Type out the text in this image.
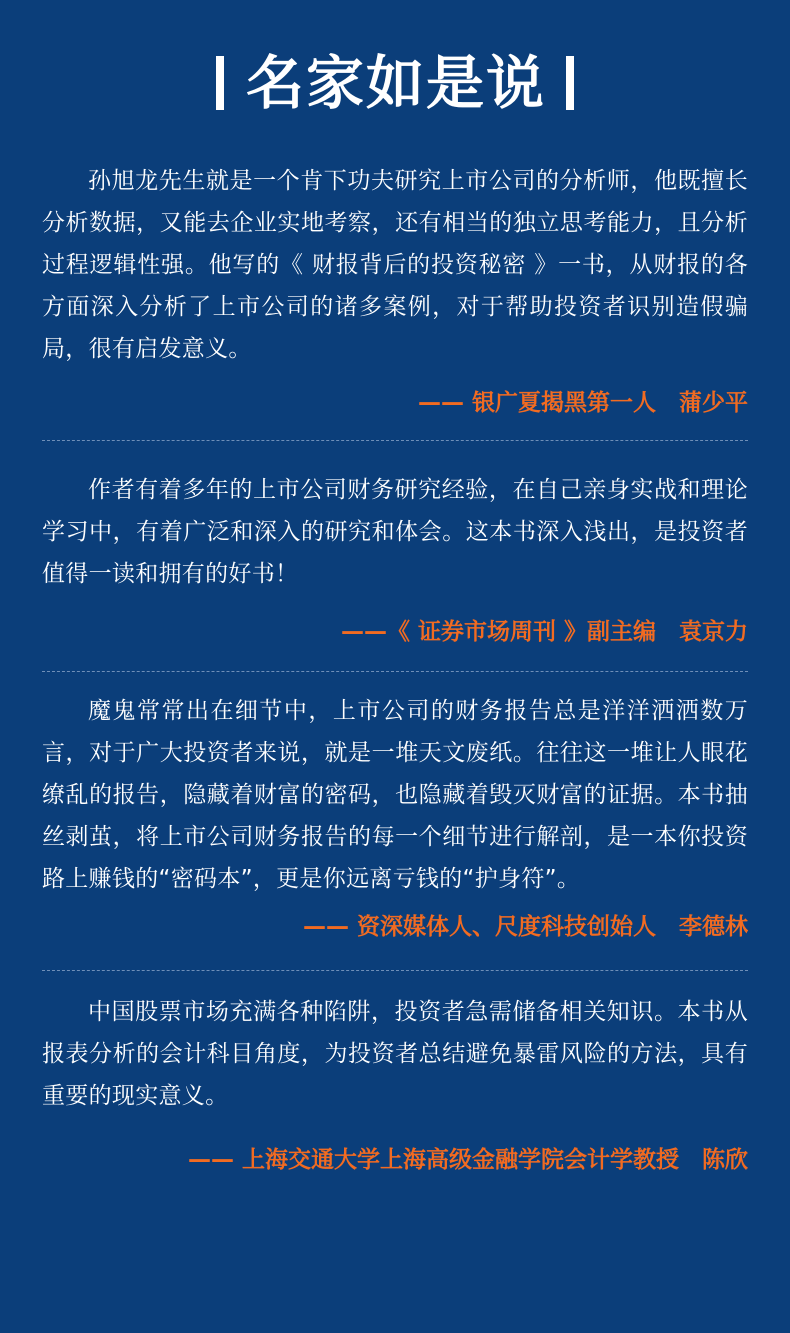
名家如是说

孙旭龙先生就是一个肯下功夫研究上市公司的分析师，他既擅长分析数据，又能去企业实地考察，还有相当的独立思考能力，且分析过程逻辑性强。他写的《 财报背后的投资秘密 》一书，从财报的各方面深入分析了上市公司的诸多案例，对于帮助投资者识别造假骗局，很有启发意义。

—— 银广夏揭黑第一人　蒲少平

作者有着多年的上市公司财务研究经验，在自己亲身实战和理论学习中，有着广泛和深入的研究和体会。这本书深入浅出，是投资者值得一读和拥有的好书！

——《 证券市场周刊 》副主编　袁京力

魔鬼常常出在细节中，上市公司的财务报告总是洋洋洒洒数万言，对于广大投资者来说，就是一堆天文废纸。往往这一堆让人眼花缭乱的报告，隐藏着财富的密码，也隐藏着毁灭财富的证据。本书抽丝剥茧，将上市公司财务报告的每一个细节进行解剖，是一本你投资路上赚钱的“密码本”，更是你远离亏钱的“护身符”。

—— 资深媒体人、尺度科技创始人　李德林

中国股票市场充满各种陷阱，投资者急需储备相关知识。本书从报表分析的会计科目角度，为投资者总结避免暴雷风险的方法，具有重要的现实意义。

—— 上海交通大学上海高级金融学院会计学教授　陈欣
